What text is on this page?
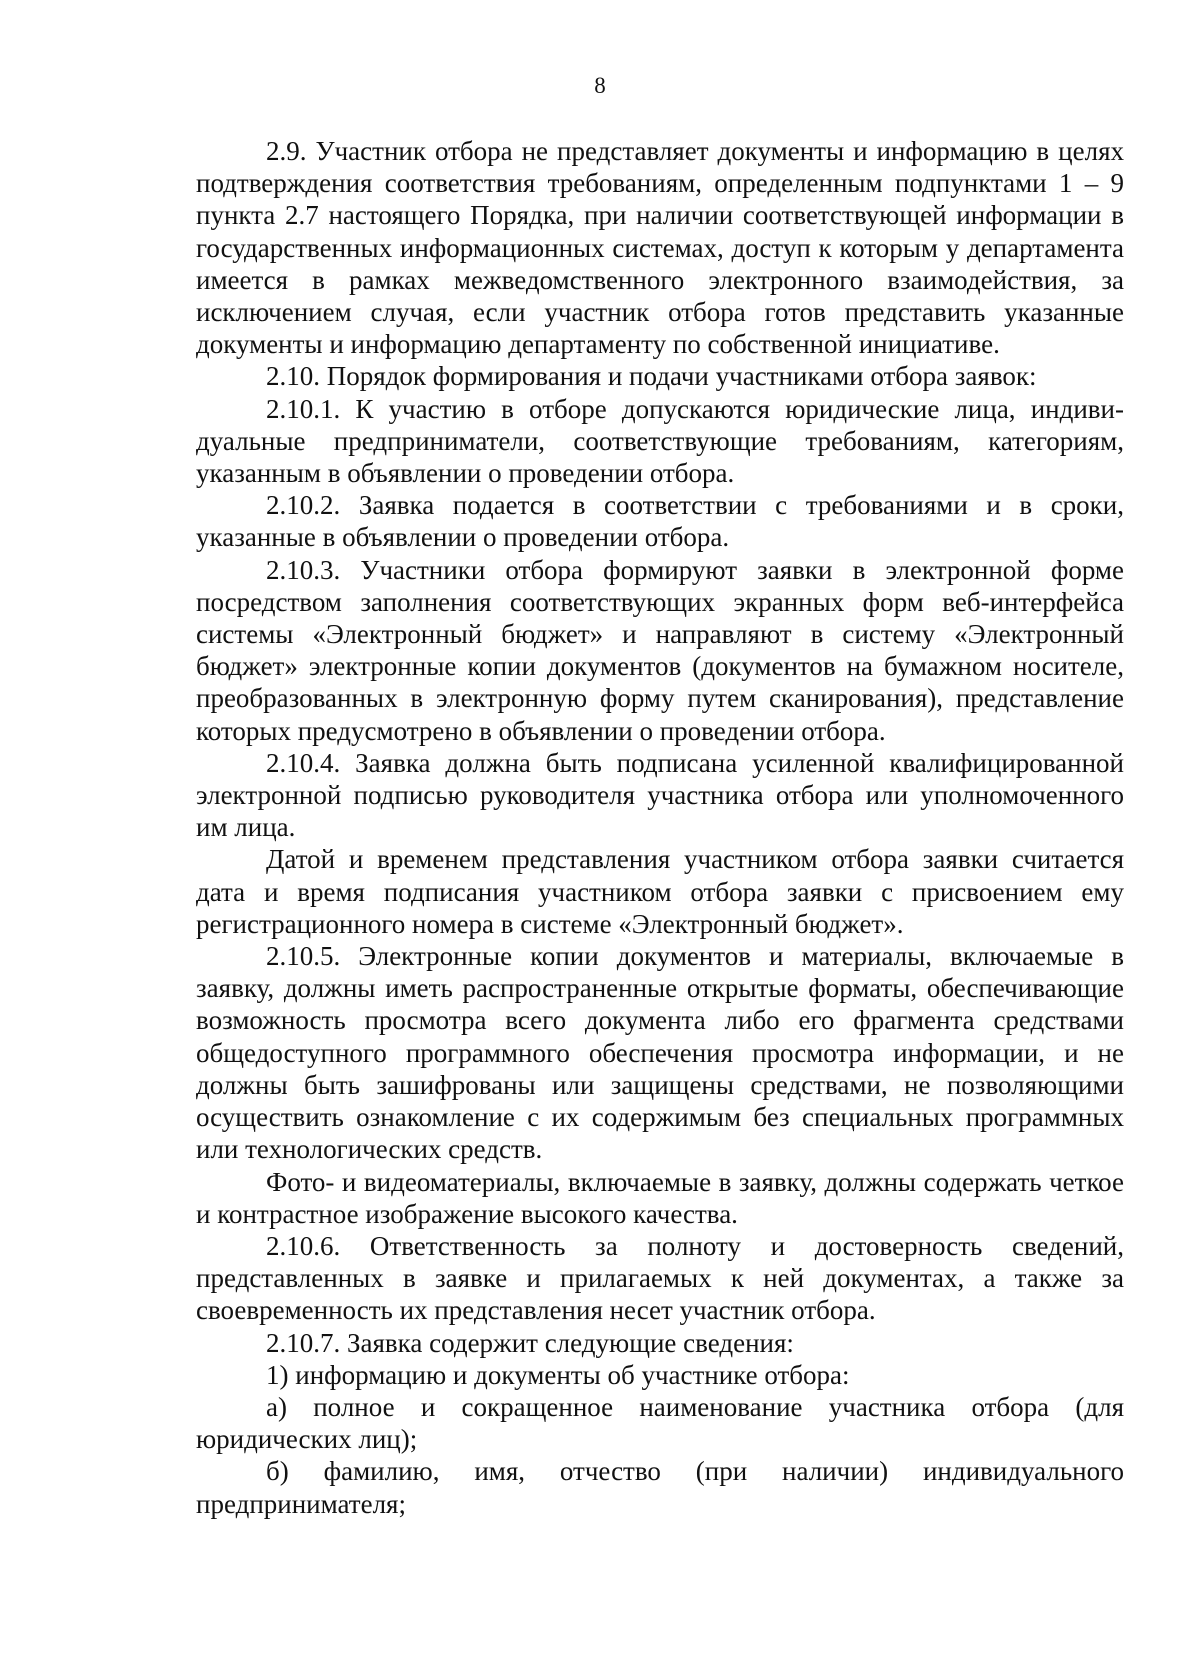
8

2.9. Участник отбора не представляет документы и информацию в целях подтверждения соответствия требованиям, определенным подпунктами 1 – 9 пункта 2.7 настоящего Порядка, при наличии соответствующей информации в государственных информационных системах, доступ к которым у департамента имеется в рамках межведомственного электронного взаимодействия, за исключением случая, если участник отбора готов представить указанные документы и информацию департаменту по собственной инициативе.

2.10. Порядок формирования и подачи участниками отбора заявок:

2.10.1. К участию в отборе допускаются юридические лица, индивидуальные предприниматели, соответствующие требованиям, категориям, указанным в объявлении о проведении отбора.

2.10.2. Заявка подается в соответствии с требованиями и в сроки, указанные в объявлении о проведении отбора.

2.10.3. Участники отбора формируют заявки в электронной форме посредством заполнения соответствующих экранных форм веб-интерфейса системы «Электронный бюджет» и направляют в систему «Электронный бюджет» электронные копии документов (документов на бумажном носителе, преобразованных в электронную форму путем сканирования), представление которых предусмотрено в объявлении о проведении отбора.

2.10.4. Заявка должна быть подписана усиленной квалифицированной электронной подписью руководителя участника отбора или уполномоченного им лица.

Датой и временем представления участником отбора заявки считается дата и время подписания участником отбора заявки с присвоением ему регистрационного номера в системе «Электронный бюджет».

2.10.5. Электронные копии документов и материалы, включаемые в заявку, должны иметь распространенные открытые форматы, обеспечивающие возможность просмотра всего документа либо его фрагмента средствами общедоступного программного обеспечения просмотра информации, и не должны быть зашифрованы или защищены средствами, не позволяющими осуществить ознакомление с их содержимым без специальных программных или технологических средств.

Фото- и видеоматериалы, включаемые в заявку, должны содержать четкое и контрастное изображение высокого качества.

2.10.6. Ответственность за полноту и достоверность сведений, представленных в заявке и прилагаемых к ней документах, а также за своевременность их представления несет участник отбора.

2.10.7. Заявка содержит следующие сведения:

1) информацию и документы об участнике отбора:

а) полное и сокращенное наименование участника отбора (для юридических лиц);

б) фамилию, имя, отчество (при наличии) индивидуального предпринимателя;
